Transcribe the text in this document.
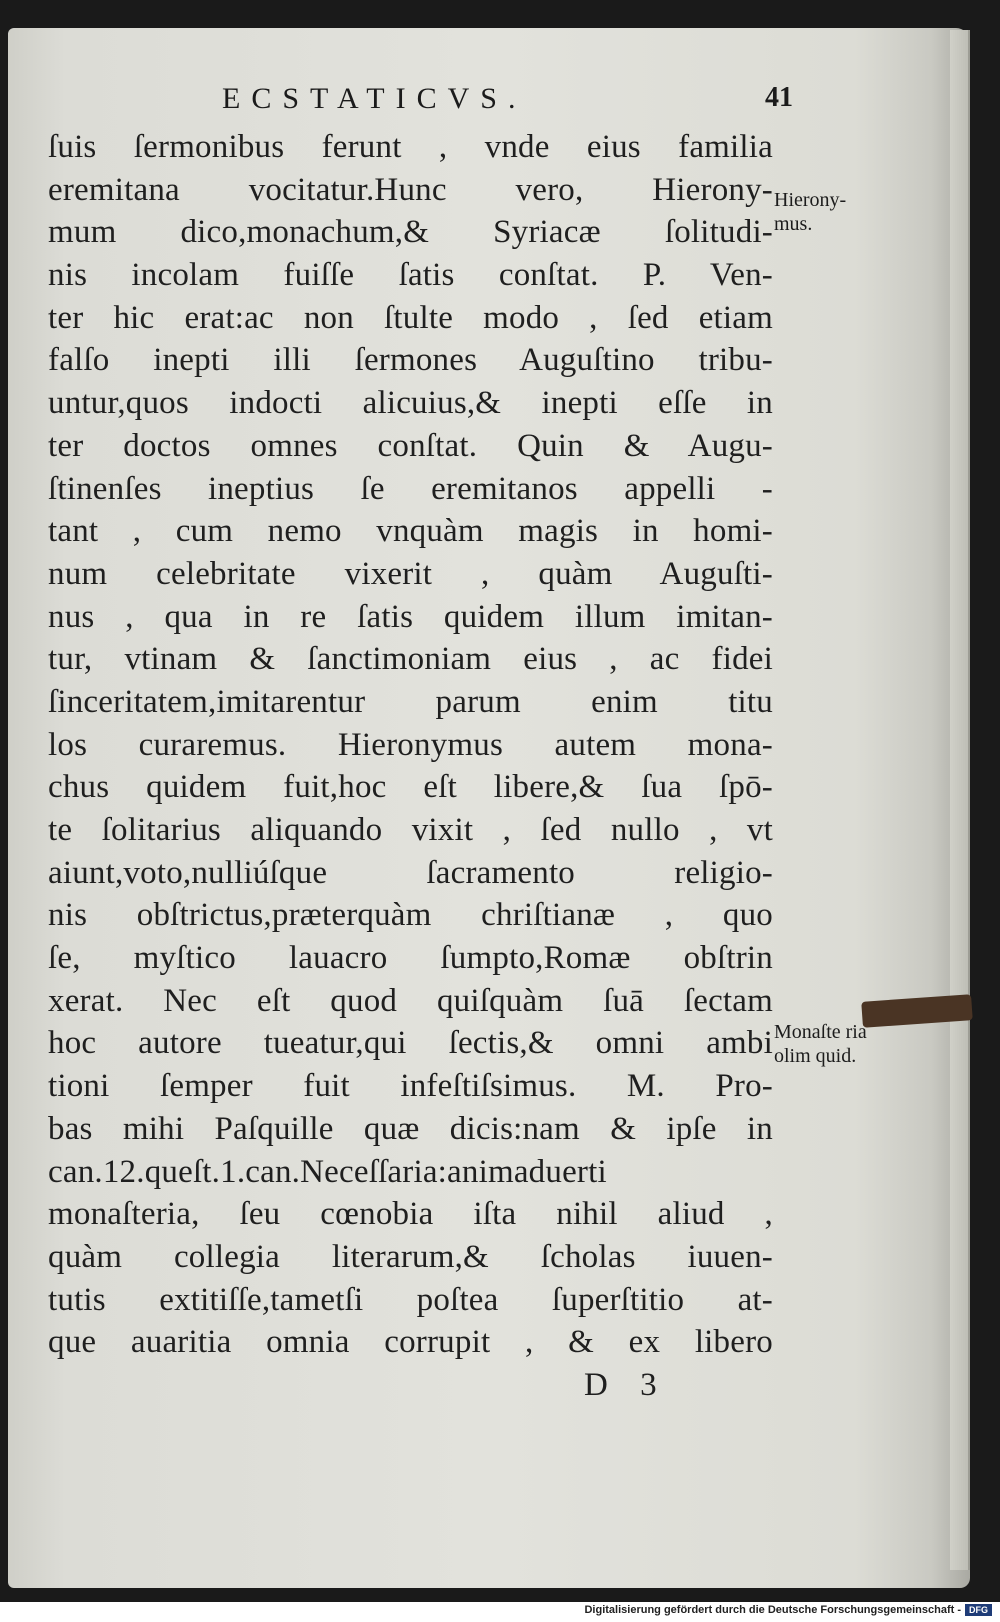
ECSTATICVS.	41
ſuis ſermonibus ferunt , vnde eius familia
eremitana vocitatur.Hunc vero, Hierony-
mum dico,monachum,& Syriacæ ſolitudi-
nis incolam fuiſſe ſatis conſtat. P. Ven-
ter hic erat:ac non ſtulte modo , ſed etiam
falſo inepti illi ſermones Auguſtino tribu-
untur,quos indocti alicuius,& inepti eſſe in
ter doctos omnes conſtat. Quin & Augu-
ſtinenſes ineptius ſe eremitanos appelli -
tant , cum nemo vnquàm magis in homi-
num celebritate vixerit , quàm Auguſti-
nus , qua in re ſatis quidem illum imitan-
tur, vtinam & ſanctimoniam eius , ac fidei
ſinceritatem,imitarentur parum enim titu
los curaremus. Hieronymus autem mona-
chus quidem fuit,hoc eſt libere,& ſua ſpō-
te ſolitarius aliquando vixit , ſed nullo , vt
aiunt,voto,nulliúſque ſacramento religio-
nis obſtrictus,præterquàm chriſtianæ , quo
ſe, myſtico lauacro ſumpto,Romæ obſtrin
xerat. Nec eſt quod quiſquàm ſuā ſectam
hoc autore tueatur,qui ſectis,& omni ambi
tioni ſemper fuit infeſtiſsimus. M. Pro-
bas mihi Paſquille quæ dicis:nam & ipſe in
can.12.queſt.1.can.Neceſſaria:animaduerti
monaſteria, ſeu cœnobia iſta nihil aliud ,
quàm collegia literarum,& ſcholas iuuen-
tutis extitiſſe,tametſi poſtea ſuperſtitio at-
que auaritia omnia corrupit , & ex libero
Hierony- mus.
Monaſte ria olim quid.
D 3
Digitalisierung gefördert durch die Deutsche Forschungsgemeinschaft - DFG
